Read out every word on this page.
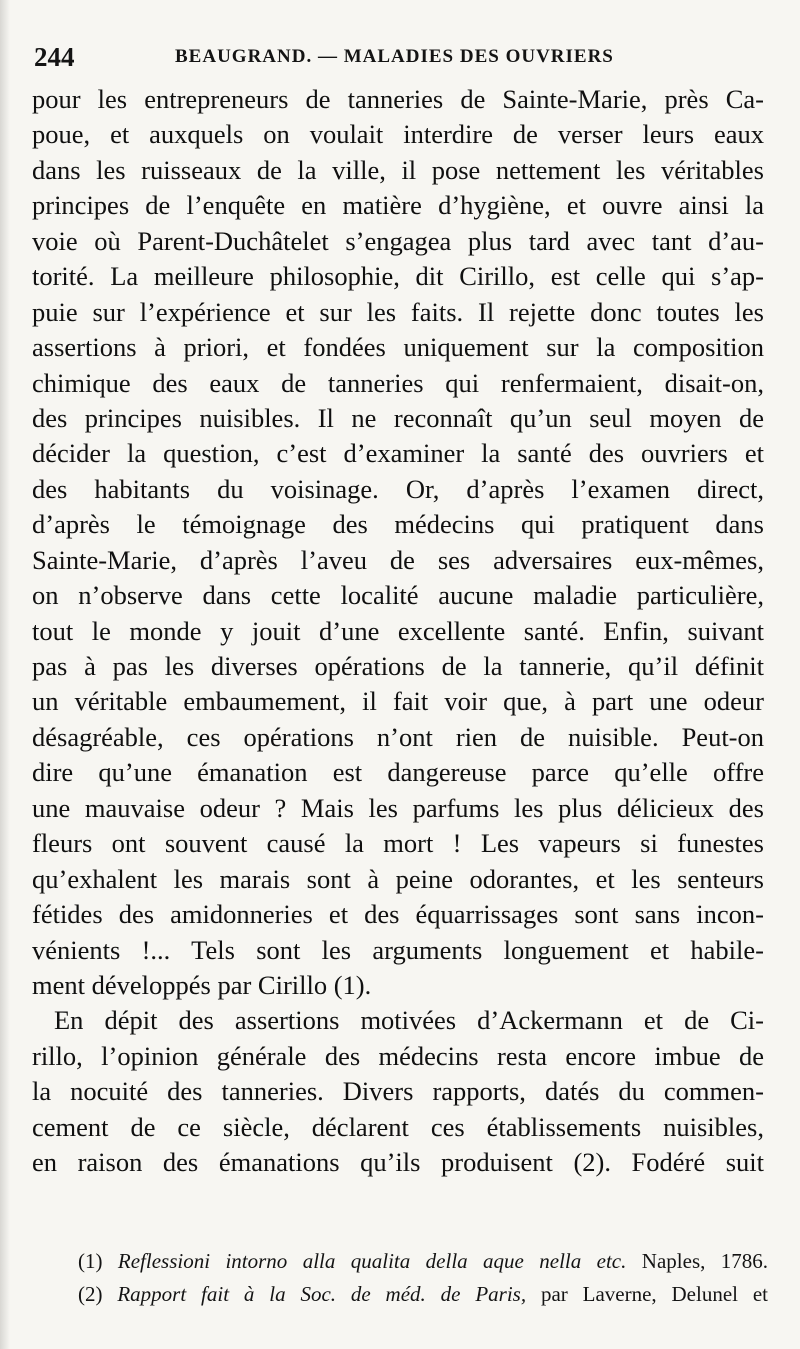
244	BEAUGRAND. — MALADIES DES OUVRIERS
pour les entrepreneurs de tanneries de Sainte-Marie, près Ca-
poue, et auxquels on voulait interdire de verser leurs eaux
dans les ruisseaux de la ville, il pose nettement les véritables
principes de l’enquête en matière d’hygiène, et ouvre ainsi la
voie où Parent-Duchâtelet s’engagea plus tard avec tant d’au-
torité. La meilleure philosophie, dit Cirillo, est celle qui s’ap-
puie sur l’expérience et sur les faits. Il rejette donc toutes les
assertions à priori, et fondées uniquement sur la composition
chimique des eaux de tanneries qui renfermaient, disait-on,
des principes nuisibles. Il ne reconnaît qu’un seul moyen de
décider la question, c’est d’examiner la santé des ouvriers et
des habitants du voisinage. Or, d’après l’examen direct,
d’après le témoignage des médecins qui pratiquent dans
Sainte-Marie, d’après l’aveu de ses adversaires eux-mêmes,
on n’observe dans cette localité aucune maladie particulière,
tout le monde y jouit d’une excellente santé. Enfin, suivant
pas à pas les diverses opérations de la tannerie, qu’il définit
un véritable embaumement, il fait voir que, à part une odeur
désagréable, ces opérations n’ont rien de nuisible. Peut-on
dire qu’une émanation est dangereuse parce qu’elle offre
une mauvaise odeur ? Mais les parfums les plus délicieux des
fleurs ont souvent causé la mort ! Les vapeurs si funestes
qu’exhalent les marais sont à peine odorantes, et les senteurs
fétides des amidonneries et des équarrissages sont sans incon-
vénients !... Tels sont les arguments longuement et habile-
ment développés par Cirillo (1).
En dépit des assertions motivées d’Ackermann et de Ci-
rillo, l’opinion générale des médecins resta encore imbue de
la nocuité des tanneries. Divers rapports, datés du commen-
cement de ce siècle, déclarent ces établissements nuisibles,
en raison des émanations qu’ils produisent (2). Fodéré suit
(1) Reflessioni intorno alla qualita della aque nella etc. Naples, 1786.
(2) Rapport fait à la Soc. de méd. de Paris, par Laverne, Delunel et
